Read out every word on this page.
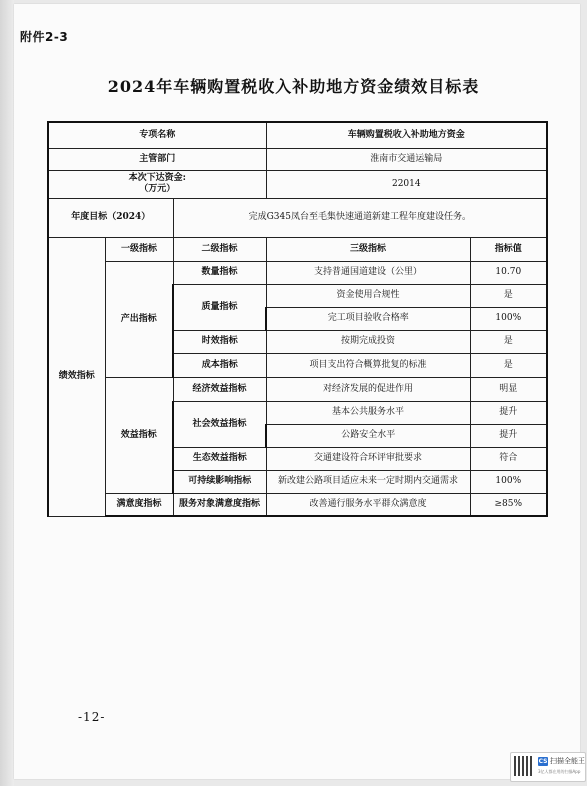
附件2-3
2024年车辆购置税收入补助地方资金绩效目标表
专项名称			车辆购置税收入补助地方资金	
主管部门			淮南市交通运输局	

本次下达资金:
（万元）			22014	
年度目标（2024）		完成G345凤台至毛集快速通道新建工程年度建设任务。		
绩效指标	一级指标	二级指标	三级指标	指标值
	产出指标	数量指标	支持普通国道建设（公里）	10.70
		质量指标	资金使用合规性	是
			完工项目验收合格率	100%
		时效指标	按期完成投资	是
		成本指标	项目支出符合概算批复的标准	是
	效益指标	经济效益指标	对经济发展的促进作用	明显
		社会效益指标	基本公共服务水平	提升
			公路安全水平	提升
		生态效益指标	交通建设符合环评审批要求	符合
		可持续影响指标	新改建公路项目适应未来一定时期内交通需求	100%
	满意度指标	服务对象满意度指标	改善通行服务水平群众满意度	≥85%
-12-
CS 扫描全能王
3亿人都在用的扫描App
